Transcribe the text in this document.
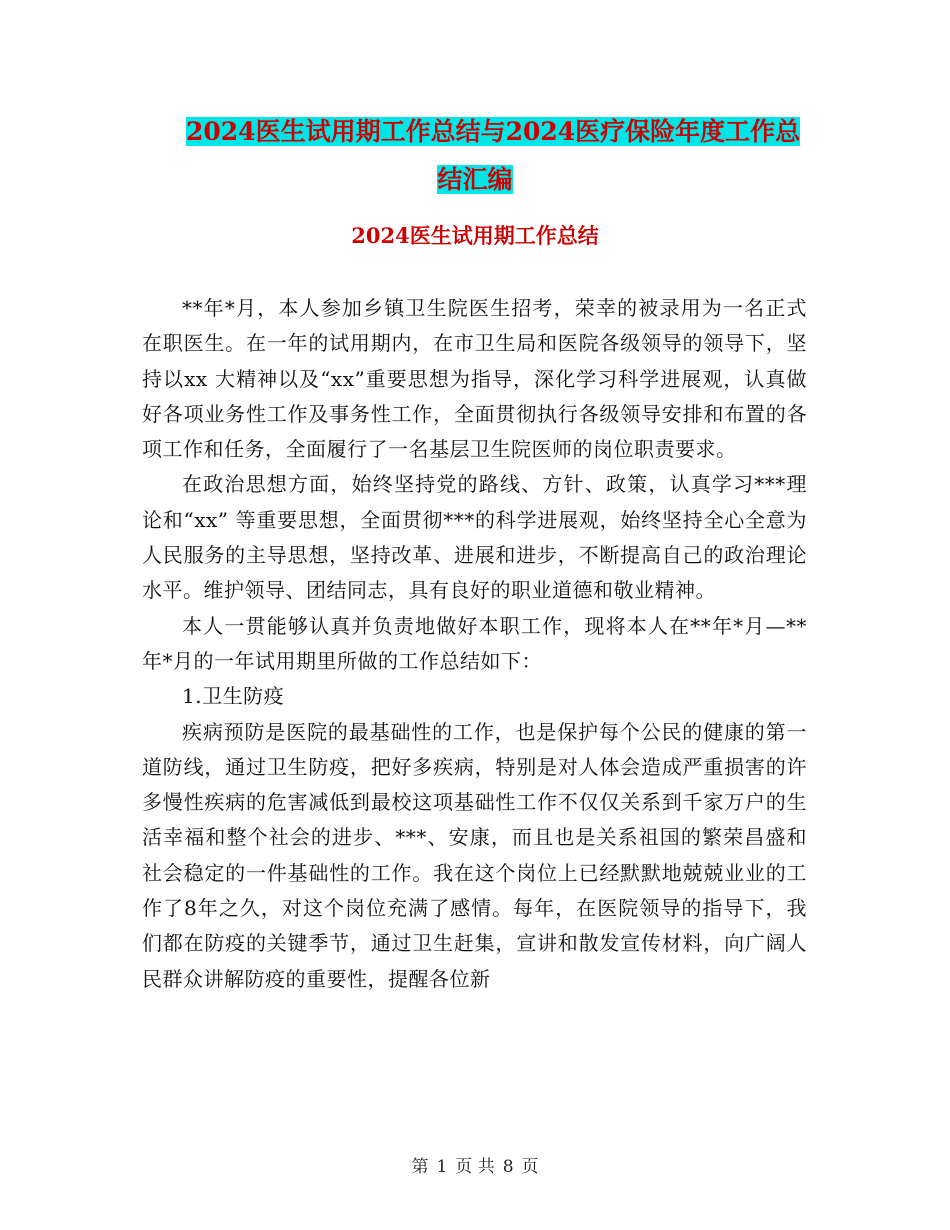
2024医生试用期工作总结与2024医疗保险年度工作总
结汇编
2024医生试用期工作总结

**年*月，本人参加乡镇卫生院医生招考，荣幸的被录用为一名正式在职医生。在一年的试用期内，在市卫生局和医院各级领导的领导下，坚持以xx 大精神以及“xx”重要思想为指导，深化学习科学进展观，认真做好各项业务性工作及事务性工作，全面贯彻执行各级领导安排和布置的各项工作和任务，全面履行了一名基层卫生院医师的岗位职责要求。

在政治思想方面，始终坚持党的路线、方针、政策，认真学习***理论和“xx” 等重要思想，全面贯彻***的科学进展观，始终坚持全心全意为人民服务的主导思想，坚持改革、进展和进步，不断提高自己的政治理论水平。维护领导、团结同志，具有良好的职业道德和敬业精神。

本人一贯能够认真并负责地做好本职工作，现将本人在**年*月—**年*月的一年试用期里所做的工作总结如下：

1.卫生防疫

疾病预防是医院的最基础性的工作，也是保护每个公民的健康的第一道防线，通过卫生防疫，把好多疾病，特别是对人体会造成严重损害的许多慢性疾病的危害减低到最校这项基础性工作不仅仅关系到千家万户的生活幸福和整个社会的进步、***、安康，而且也是关系祖国的繁荣昌盛和社会稳定的一件基础性的工作。我在这个岗位上已经默默地兢兢业业的工作了8年之久，对这个岗位充满了感情。每年，在医院领导的指导下，我们都在防疫的关键季节，通过卫生赶集，宣讲和散发宣传材料，向广阔人民群众讲解防疫的重要性，提醒各位新

第 1 页 共 8 页
